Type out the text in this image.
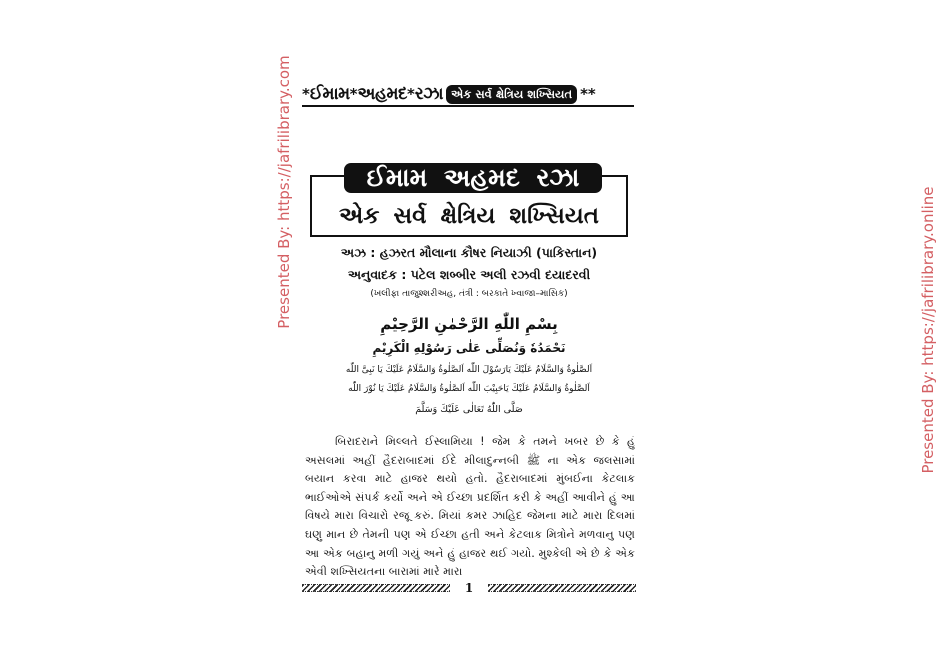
Presented By: https://jafrilibrary.com	Presented By: https://jafrilibrary.online
* ઈમામ * અહમદ * રઝા એક સર્વ ક્ષેત્રિય શખ્સિયત **
ઈમામ અહમદ રઝા
એક સર્વ ક્ષેત્રિય શખ્સિયત
અઝ : હઝરત મૌલાના કૌષર નિયાઝી (પાકિસ્તાન)
અનુવાદક : પટેલ શબ્બીર અલી રઝવી દયાદરવી
(ખલીફા તાજુશ્શરીઅહ, તંત્રી : બરકાતે ખ્વાજા–માસિક)
بِسْمِ اللّٰهِ الرَّحْمٰنِ الرَّحِيْمِ
نَحْمَدُهٗ وَنُصَلِّی عَلٰی رَسُوْلِهِ الْكَرِيْمِ
اَلصَّلٰوةُ وَالسَّلَامُ عَلَيْكَ يَارَسُوْلَ اللّٰه اَلصَّلٰوةُ وَالسَّلَامُ عَلَيْكَ يَا نَبِیَّ اللّٰه
اَلصَّلٰوةُ وَالسَّلَامُ عَلَيْكَ يَاحَبِيْبَ اللّٰه اَلصَّلٰوةُ وَالسَّلَامُ عَلَيْكَ يَا نُوْرَ اللّٰه
صَلَّی اللّٰهُ تَعَالٰی عَلَيْكَ وَسَلَّمَ

બિરાદરાને મિલ્લતે ઈસ્લામિયા ! જેમ કે તમને ખબર છે કે હું અસલમાં અહીં હૈદરાબાદમાં ઈદે મીલાદુન્નબી ﷺ ના એક જલસામાં બયાન કરવા માટે હાજર થયો હતો. હૈદરાબાદમાં મુંબઈના કેટલાક ભાઈઓએ સંપર્ક કર્યો અને એ ઈચ્છા પ્રદર્શિત કરી કે અહીં આવીને હું આ વિષયે મારા વિચારો રજૂ કરું. મિયાં કમર ઝાહિદ જેમના માટે મારા દિલમાં ઘણુ માન છે તેમની પણ એ ઈચ્છા હતી અને કેટલાક મિત્રોને મળવાનુ પણ આ એક બહાનુ મળી ગયું અને હું હાજર થઈ ગયો. મુશ્કેલી એ છે કે એક એવી શખ્સિયતના બારામાં મારે મારા

1
